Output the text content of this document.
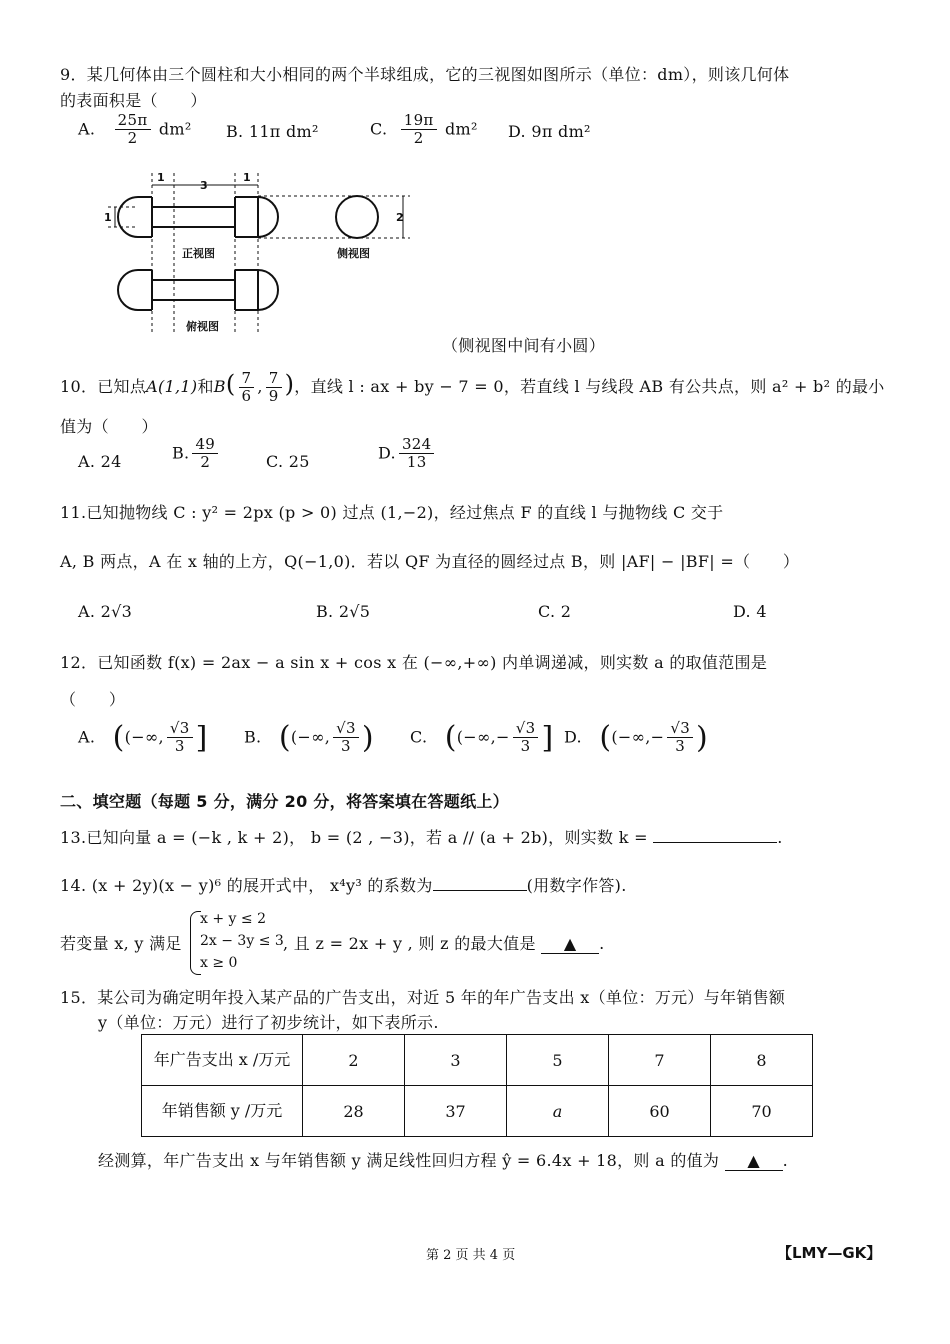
9．某几何体由三个圆柱和大小相同的两个半球组成，它的三视图如图所示（单位：dm），则该几何体
的表面积是（　　）
A. $\frac{25\pi}{2} dm^2$ B. 11π dm²	C. $\frac{19\pi}{2} dm^2$ D. 9π dm²
1
3
1
1	2
正视图	侧视图
俯视图
（侧视图中间有小圆）
10．已知点A(1,1)和$B( \frac{7}{6}$ , $\frac{7}{9}$ )，直线 l : ax + by − 7 = 0，若直线 l 与线段 AB 有公共点，则 a² + b² 的最小
值为（　　）
A. 24	B. $\frac{49}{2}$	C. 25	D. $\frac{324}{13}$
11.已知抛物线 C : y² = 2px (p > 0) 过点 (1,−2)，经过焦点 F 的直线 l 与抛物线 C 交于
A, B 两点，A 在 x 轴的上方，Q(−1,0)．若以 QF 为直径的圆经过点 B，则 |AF| − |BF| =（　　）
A. 2√3	B. 2√5	C. 2	D. 4
12．已知函数 f(x) = 2ax − a sin x + cos x 在 (−∞,+∞) 内单调递减，则实数 a 的取值范围是
（　　）
A. ((−∞, $\frac{√3}{3}$ ] B. ((−∞, $\frac{√3}{3}$ ) C. ((−∞,− $\frac{√3}{3}$ ] D. ((−∞,− $\frac{√3}{3}$ )
二、填空题（每题 5 分，满分 20 分，将答案填在答题纸上）
13.已知向量 a = (−k , k + 2)， b = (2 , −3)，若 a // (a + 2b)，则实数 k =	.
14. (x + 2y)(x − y)⁶ 的展开式中， x⁴y³ 的系数为	(用数字作答).
若变量 x, y 满足
x + y ≤ 2
2x − 3y ≤ 3
x ≥ 0
, 且 z = 2x + y , 则 z 的最大值是 ▲ .
15．某公司为确定明年投入某产品的广告支出，对近 5 年的年广告支出 x（单位：万元）与年销售额
y（单位：万元）进行了初步统计，如下表所示.
年广告支出 x /万元	2	3	5	7	8
年销售额 y /万元	28	37	a	60	70
经测算，年广告支出 x 与年销售额 y 满足线性回归方程 ŷ = 6.4x + 18，则 a 的值为 ▲ .
第 2 页 共 4 页	【LMY—GK】
